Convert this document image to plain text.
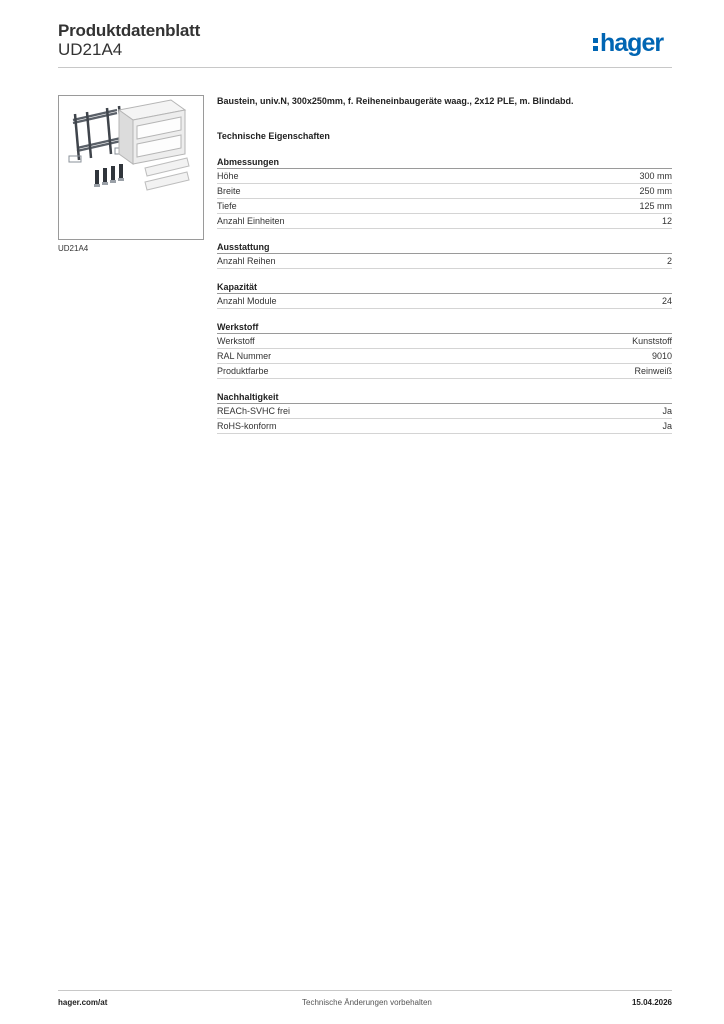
Produktdatenblatt
UD21A4	hager
UD21A4
Baustein, univ.N, 300x250mm, f. Reiheneinbaugeräte waag., 2x12 PLE, m. Blindabd.
Technische Eigenschaften
Abmessungen
Höhe	300 mm
Breite	250 mm
Tiefe	125 mm
Anzahl Einheiten	12
Ausstattung
Anzahl Reihen	2
Kapazität
Anzahl Module	24
Werkstoff
Werkstoff	Kunststoff
RAL Nummer	9010
Produktfarbe	Reinweiß
Nachhaltigkeit
REACh-SVHC frei	Ja
RoHS-konform	Ja
hager.com/at	Technische Änderungen vorbehalten	15.04.2026
